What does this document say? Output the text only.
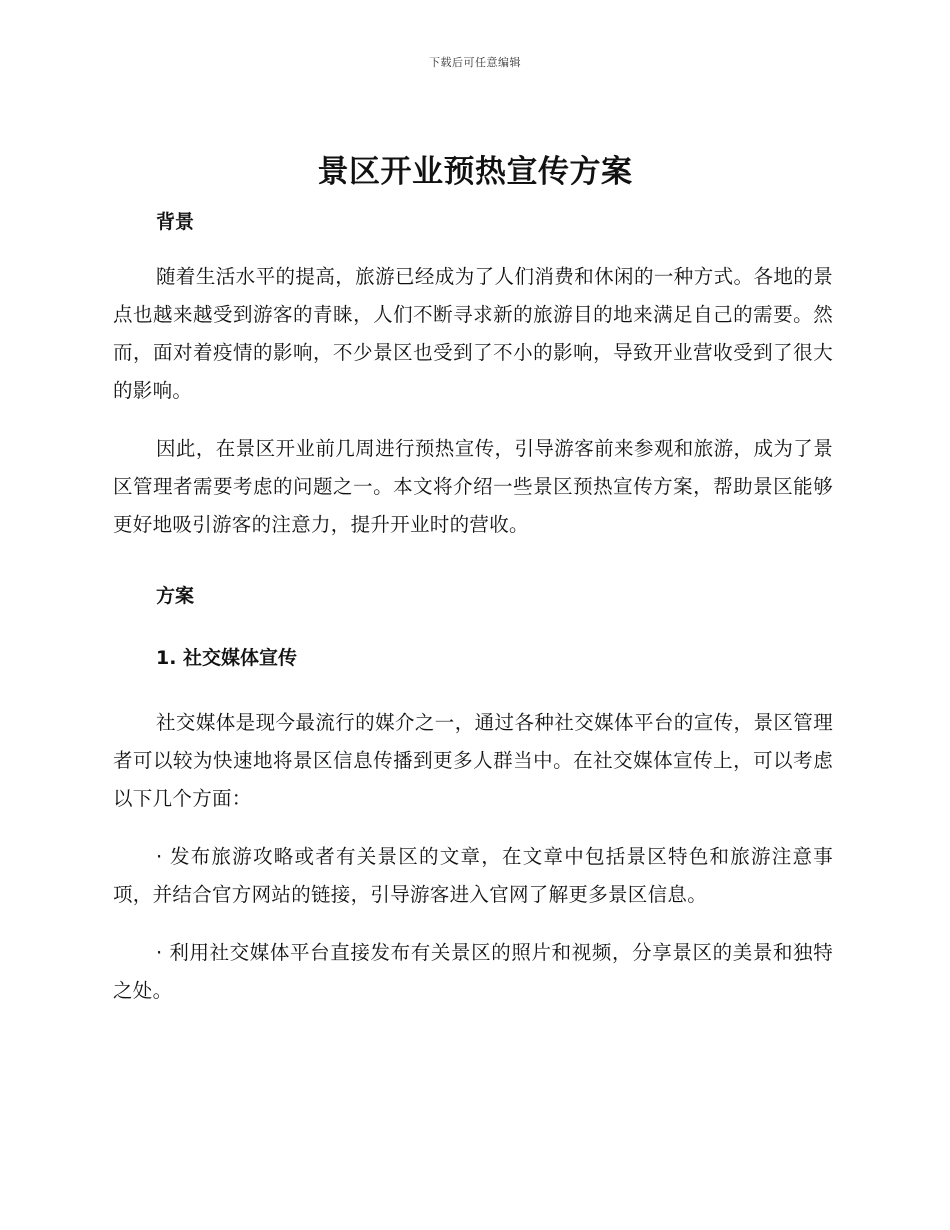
下载后可任意编辑
景区开业预热宣传方案

背景

随着生活水平的提高，旅游已经成为了人们消费和休闲的一种方式。各地的景点也越来越受到游客的青睐，人们不断寻求新的旅游目的地来满足自己的需要。然而，面对着疫情的影响，不少景区也受到了不小的影响，导致开业营收受到了很大的影响。

因此，在景区开业前几周进行预热宣传，引导游客前来参观和旅游，成为了景区管理者需要考虑的问题之一。本文将介绍一些景区预热宣传方案，帮助景区能够更好地吸引游客的注意力，提升开业时的营收。

方案

1. 社交媒体宣传

社交媒体是现今最流行的媒介之一，通过各种社交媒体平台的宣传，景区管理者可以较为快速地将景区信息传播到更多人群当中。在社交媒体宣传上，可以考虑以下几个方面：

· 发布旅游攻略或者有关景区的文章，在文章中包括景区特色和旅游注意事项，并结合官方网站的链接，引导游客进入官网了解更多景区信息。

· 利用社交媒体平台直接发布有关景区的照片和视频，分享景区的美景和独特之处。
